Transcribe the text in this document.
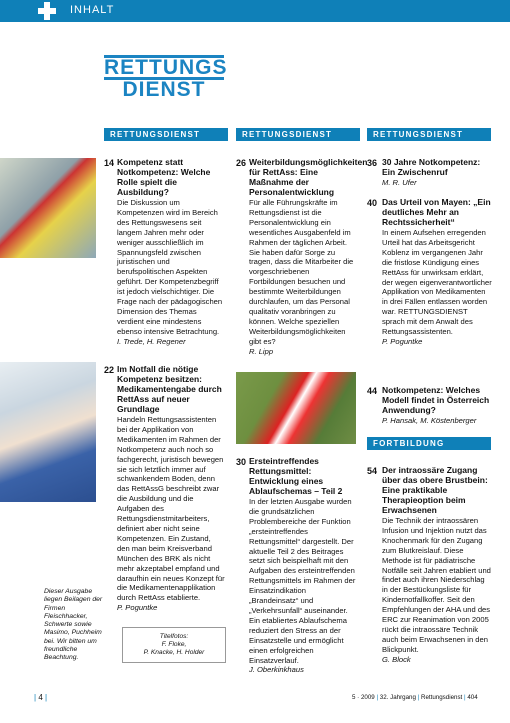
INHALT
RETTUNGS
DIENST
RETTUNGSDIENST
14 Kompetenz statt Notkompetenz: Welche Rolle spielt die Ausbildung?

Die Diskussion um Kompetenzen wird im Bereich des Rettungswesens seit langem Jahren mehr oder weniger ausschließlich im Spannungsfeld zwischen juristischen und berufspolitischen Aspekten geführt. Der Kompetenzbegriff ist jedoch vielschichtiger. Die Frage nach der pädagogischen Dimension des Themas verdient eine mindestens ebenso intensive Betrachtung.

I. Trede, H. Regener
22 Im Notfall die nötige Kompetenz besitzen: Medikamentengabe durch RettAss auf neuer Grundlage

Handeln Rettungsassistenten bei der Applikation von Medikamenten im Rahmen der Notkompetenz auch noch so fachgerecht, juristisch bewegen sie sich letztlich immer auf schwankendem Boden, denn das RettAssG beschreibt zwar die Ausbildung und die Aufgaben des Rettungsdienstmitarbeiters, definiert aber nicht seine Kompetenzen. Ein Zustand, den man beim Kreisverband München des BRK als nicht mehr akzeptabel empfand und daraufhin ein neues Konzept für die Medikamentenapplikation durch RettAss etablierte.

P. Poguntke
Dieser Ausgabe liegen Beilagen der Firmen Fleischhacker, Schwerte sowie Masimo, Puchheim bei. Wir bitten um freundliche Beachtung.
RETTUNGSDIENST
26 Weiterbildungsmöglichkeiten für RettAss: Eine Maßnahme der Personalentwicklung

Für alle Führungskräfte im Rettungsdienst ist die Personalentwicklung ein wesentliches Ausgabenfeld im Rahmen der täglichen Arbeit. Sie haben dafür Sorge zu tragen, dass die Mitarbeiter die vorgeschriebenen Fortbildungen besuchen und bestimmte Weiterbildungen durchlaufen, um das Personal qualitativ voranbringen zu können. Welche speziellen Weiterbildungsmöglichkeiten gibt es?

R. Lipp
30 Ersteintreffendes Rettungsmittel: Entwicklung eines Ablaufschemas – Teil 2

In der letzten Ausgabe wurden die grundsätzlichen Problembereiche der Funktion „ersteintreffendes Rettungsmittel“ dargestellt. Der aktuelle Teil 2 des Beitrages setzt sich beispielhaft mit den Aufgaben des ersteintreffenden Rettungsmittels im Rahmen der Einsatzindikation „Brandeinsatz“ und „Verkehrsunfall“ auseinander. Ein etabliertes Ablaufschema reduziert den Stress an der Einsatzstelle und ermöglicht einen erfolgreichen Einsatzverlauf.

J. Oberkinkhaus
Titelfotos:
F. Floke,
P. Knacke, H. Holder
RETTUNGSDIENST
36 30 Jahre Notkompetenz: Ein Zwischenruf
M. R. Ufer
40 Das Urteil von Mayen: „Ein deutliches Mehr an Rechtssicherheit“

In einem Aufsehen erregenden Urteil hat das Arbeitsgericht Koblenz im vergangenen Jahr die fristlose Kündigung eines RettAss für unwirksam erklärt, der wegen eigenverantwortlicher Applikation von Medikamenten in drei Fällen entlassen worden war. RETTUNGSDIENST sprach mit dem Anwalt des Rettungsassistenten.

P. Poguntke
44 Notkompetenz: Welches Modell findet in Österreich Anwendung?
P. Hansak, M. Köstenberger
FORTBILDUNG
54 Der intraossäre Zugang über das obere Brustbein: Eine praktikable Therapieoption beim Erwachsenen

Die Technik der intraossären Infusion und Injektion nutzt das Knochenmark für den Zugang zum Blutkreislauf. Diese Methode ist für pädiatrische Notfälle seit Jahren etabliert und findet auch ihren Niederschlag in der Bestückungsliste für Kindernotfallkoffer. Seit den Empfehlungen der AHA und des ERC zur Reanimation von 2005 rückt die intraossäre Technik auch beim Erwachsenen in den Blickpunkt.

G. Block
| 4 |	5 · 2009 | 32. Jahrgang | Rettungsdienst | 404
